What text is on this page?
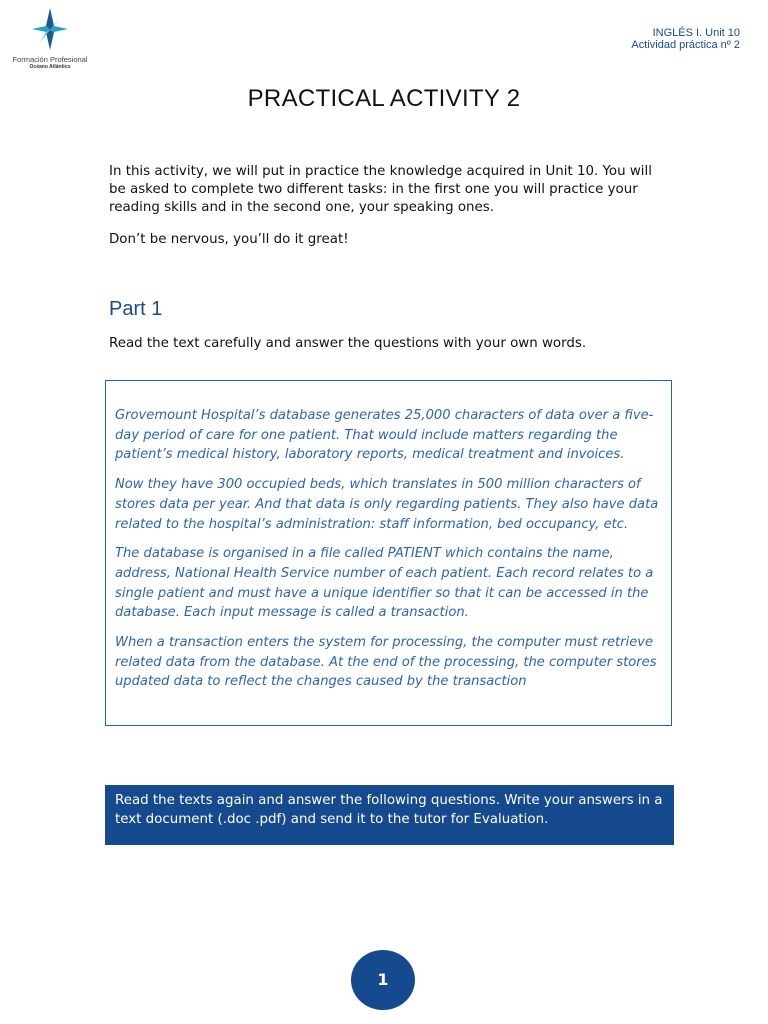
Formación Profesional
Océano Atlántico
INGLÉS I. Unit 10
Actividad práctica nº 2
PRACTICAL ACTIVITY 2

In this activity, we will put in practice the knowledge acquired in Unit 10. You will be asked to complete two different tasks: in the first one you will practice your reading skills and in the second one, your speaking ones.

Don’t be nervous, you’ll do it great!

Part 1
Read the text carefully and answer the questions with your own words.

Grovemount Hospital’s database generates 25,000 characters of data over a five-day period of care for one patient. That would include matters regarding the patient’s medical history, laboratory reports, medical treatment and invoices.

Now they have 300 occupied beds, which translates in 500 million characters of stores data per year. And that data is only regarding patients. They also have data related to the hospital’s administration: staff information, bed occupancy, etc.

The database is organised in a file called PATIENT which contains the name, address, National Health Service number of each patient. Each record relates to a single patient and must have a unique identifier so that it can be accessed in the database. Each input message is called a transaction.

When a transaction enters the system for processing, the computer must retrieve related data from the database. At the end of the processing, the computer stores updated data to reflect the changes caused by the transaction

Read the texts again and answer the following questions. Write your answers in a text document (.doc .pdf) and send it to the tutor for Evaluation.
1
